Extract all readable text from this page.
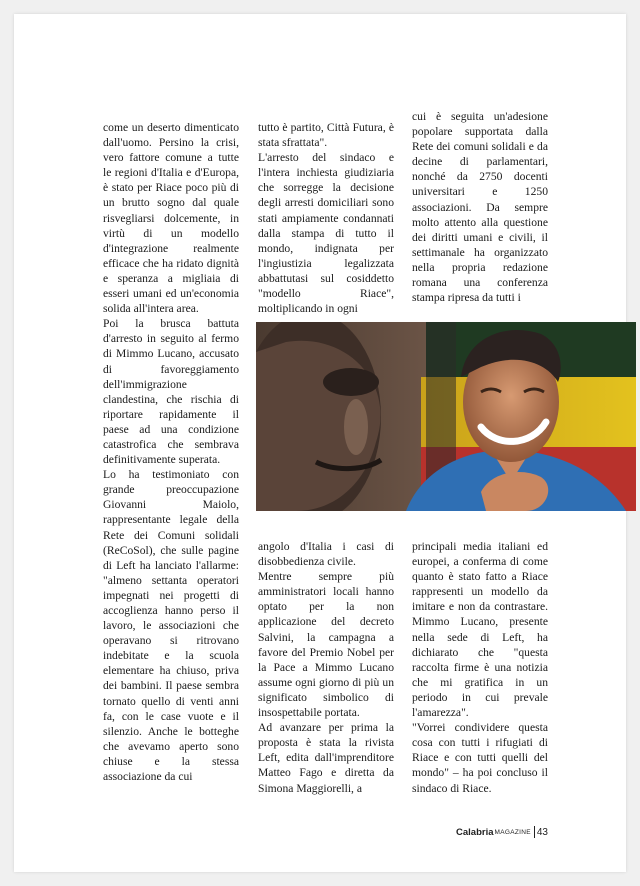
come un deserto dimenticato dall'uomo. Persino la crisi, vero fattore comune a tutte le regioni d'Italia e d'Europa, è stato per Riace poco più di un brutto sogno dal quale risvegliarsi dolcemente, in virtù di un modello d'integrazione realmente efficace che ha ridato dignità e speranza a migliaia di esseri umani ed un'economia solida all'intera area.

Poi la brusca battuta d'arresto in seguito al fermo di Mimmo Lucano, accusato di favoreggiamento dell'immigrazione clandestina, che rischia di riportare rapidamente il paese ad una condizione catastrofica che sembrava definitivamente superata.

Lo ha testimoniato con grande preoccupazione Giovanni Maiolo, rappresentante legale della Rete dei Comuni solidali (ReCoSol), che sulle pagine di Left ha lanciato l'allarme: "almeno settanta operatori impegnati nei progetti di accoglienza hanno perso il lavoro, le associazioni che operavano si ritrovano indebitate e la scuola elementare ha chiuso, priva dei bambini. Il paese sembra tornato quello di venti anni fa, con le case vuote e il silenzio. Anche le botteghe che avevamo aperto sono chiuse e la stessa associazione da cui

tutto è partito, Città Futura, è stata sfrattata".

L'arresto del sindaco e l'intera inchiesta giudiziaria che sorregge la decisione degli arresti domiciliari sono stati ampiamente condannati dalla stampa di tutto il mondo, indignata per l'ingiustizia legalizzata abbattutasi sul cosiddetto "modello Riace", moltiplicando in ogni

cui è seguita un'adesione popolare supportata dalla Rete dei comuni solidali e da decine di parlamentari, nonché da 2750 docenti universitari e 1250 associazioni. Da sempre molto attento alla questione dei diritti umani e civili, il settimanale ha organizzato nella propria redazione romana una conferenza stampa ripresa da tutti i

angolo d'Italia i casi di disobbedienza civile.

Mentre sempre più amministratori locali hanno optato per la non applicazione del decreto Salvini, la campagna a favore del Premio Nobel per la Pace a Mimmo Lucano assume ogni giorno di più un significato simbolico di insospettabile portata.

Ad avanzare per prima la proposta è stata la rivista Left, edita dall'imprenditore Matteo Fago e diretta da Simona Maggiorelli, a

principali media italiani ed europei, a conferma di come quanto è stato fatto a Riace rappresenti un modello da imitare e non da contrastare. Mimmo Lucano, presente nella sede di Left, ha dichiarato che "questa raccolta firme è una notizia che mi gratifica in un periodo in cui prevale l'amarezza".

"Vorrei condividere questa cosa con tutti i rifugiati di Riace e con tutti quelli del mondo" – ha poi concluso il sindaco di Riace.

Calabria MAGAZINE 43
